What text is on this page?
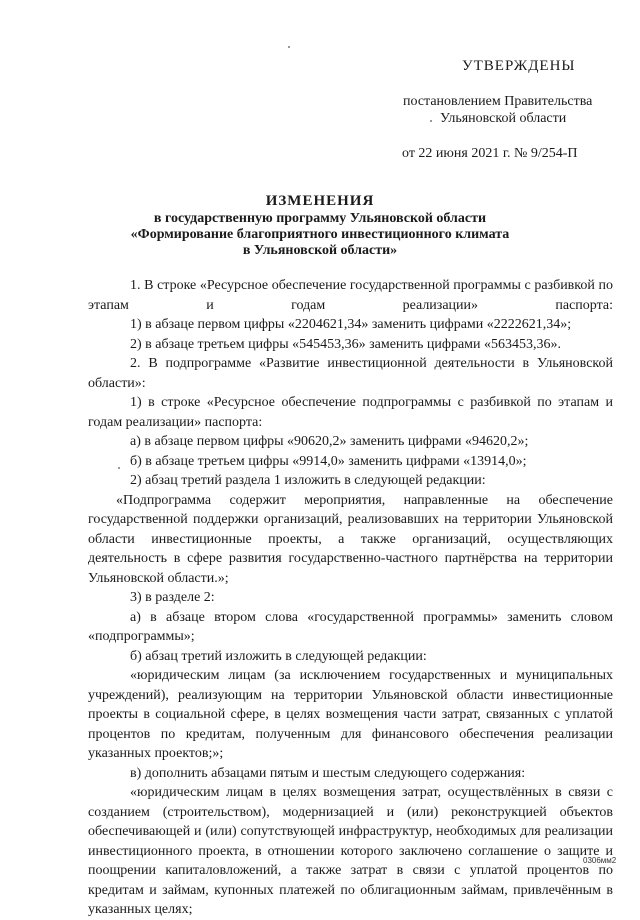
УТВЕРЖДЕНЫ
постановлением Правительства
Ульяновской области
от 22 июня 2021 г. № 9/254-П
ИЗМЕНЕНИЯ
в государственную программу Ульяновской области
«Формирование благоприятного инвестиционного климата
в Ульяновской области»

1. В строке «Ресурсное обеспечение государственной программы с разбивкой по этапам и годам реализации» паспорта:

1) в абзаце первом цифры «2204621,34» заменить цифрами «2222621,34»;

2) в абзаце третьем цифры «545453,36» заменить цифрами «563453,36».

2. В подпрограмме «Развитие инвестиционной деятельности в Ульяновской области»:

1) в строке «Ресурсное обеспечение подпрограммы с разбивкой по этапам и годам реализации» паспорта:

а) в абзаце первом цифры «90620,2» заменить цифрами «94620,2»;

б) в абзаце третьем цифры «9914,0» заменить цифрами «13914,0»;

2) абзац третий раздела 1 изложить в следующей редакции:

«Подпрограмма содержит мероприятия, направленные на обеспечение государственной поддержки организаций, реализовавших на территории Ульяновской области инвестиционные проекты, а также организаций, осуществляющих деятельность в сфере развития государственно-частного партнёрства на территории Ульяновской области.»;

3) в разделе 2:

а) в абзаце втором слова «государственной программы» заменить словом «подпрограммы»;

б) абзац третий изложить в следующей редакции:

«юридическим лицам (за исключением государственных и муниципальных учреждений), реализующим на территории Ульяновской области инвестиционные проекты в социальной сфере, в целях возмещения части затрат, связанных с уплатой процентов по кредитам, полученным для финансового обеспечения реализации указанных проектов;»;

в) дополнить абзацами пятым и шестым следующего содержания:

«юридическим лицам в целях возмещения затрат, осуществлённых в связи с созданием (строительством), модернизацией и (или) реконструкцией объектов обеспечивающей и (или) сопутствующей инфраструктур, необходимых для реализации инвестиционного проекта, в отношении которого заключено соглашение о защите и поощрении капиталовложений, а также затрат в связи с уплатой процентов по кредитам и займам, купонных платежей по облигационным займам, привлечённым в указанных целях;

0306мм2
